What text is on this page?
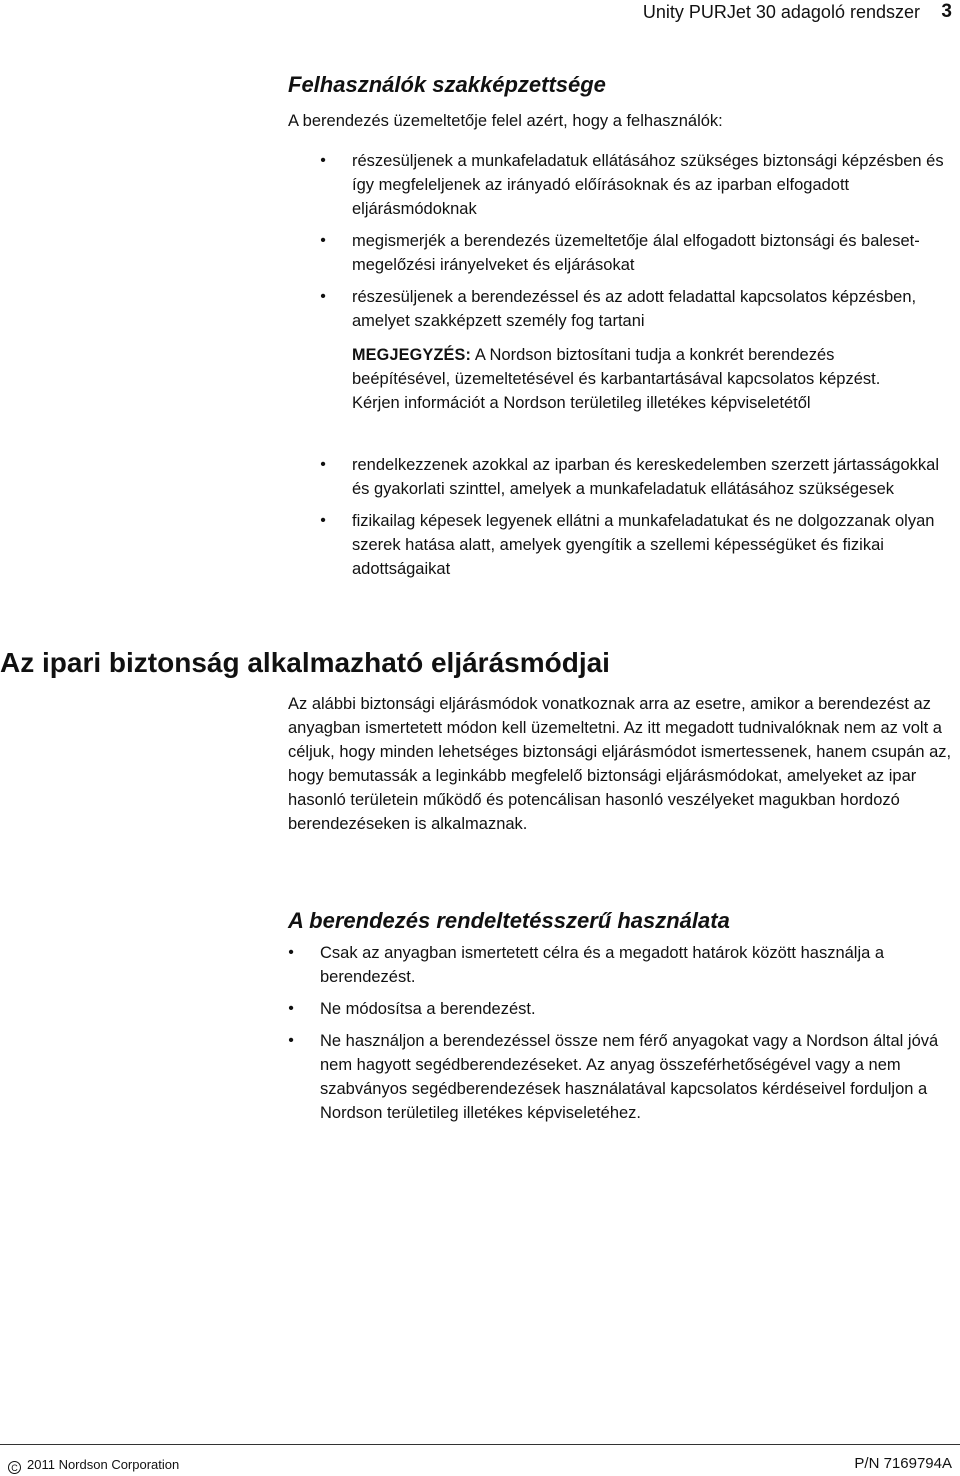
Unity PURJet 30 adagoló rendszer 3
Felhasználók szakképzettsége

A berendezés üzemeltetője felel azért, hogy a felhasználók:

• részesüljenek a munkafeladatuk ellátásához szükséges biztonsági képzésben és így megfeleljenek az irányadó előírásoknak és az iparban elfogadott eljárásmódoknak
• megismerjék a berendezés üzemeltetője álal elfogadott biztonsági és baleset-megelőzési irányelveket és eljárásokat
• részesüljenek a berendezéssel és az adott feladattal kapcsolatos képzésben, amelyet szakképzett személy fog tartani
MEGJEGYZÉS: A Nordson biztosítani tudja a konkrét berendezés beépítésével, üzemeltetésével és karbantartásával kapcsolatos képzést. Kérjen információt a Nordson területileg illetékes képviseletétől
• rendelkezzenek azokkal az iparban és kereskedelemben szerzett jártasságokkal és gyakorlati szinttel, amelyek a munkafeladatuk ellátásához szükségesek
• fizikailag képesek legyenek ellátni a munkafeladatukat és ne dolgozzanak olyan szerek hatása alatt, amelyek gyengítik a szellemi képességüket és fizikai adottságaikat
Az ipari biztonság alkalmazható eljárásmódjai

Az alábbi biztonsági eljárásmódok vonatkoznak arra az esetre, amikor a berendezést az anyagban ismertetett módon kell üzemeltetni. Az itt megadott tudnivalóknak nem az volt a céljuk, hogy minden lehetséges biztonsági eljárásmódot ismertessenek, hanem csupán az, hogy bemutassák a leginkább megfelelő biztonsági eljárásmódokat, amelyeket az ipar hasonló területein működő és potencálisan hasonló veszélyeket magukban hordozó berendezéseken is alkalmaznak.

A berendezés rendeltetésszerű használata
• Csak az anyagban ismertetett célra és a megadott határok között használja a berendezést.
• Ne módosítsa a berendezést.
• Ne használjon a berendezéssel össze nem férő anyagokat vagy a Nordson által jóvá nem hagyott segédberendezéseket. Az anyag összeférhetőségével vagy a nem szabványos segédberendezések használatával kapcsolatos kérdéseivel forduljon a Nordson területileg illetékes képviseletéhez.
C 2011 Nordson Corporation	P/N 7169794A
